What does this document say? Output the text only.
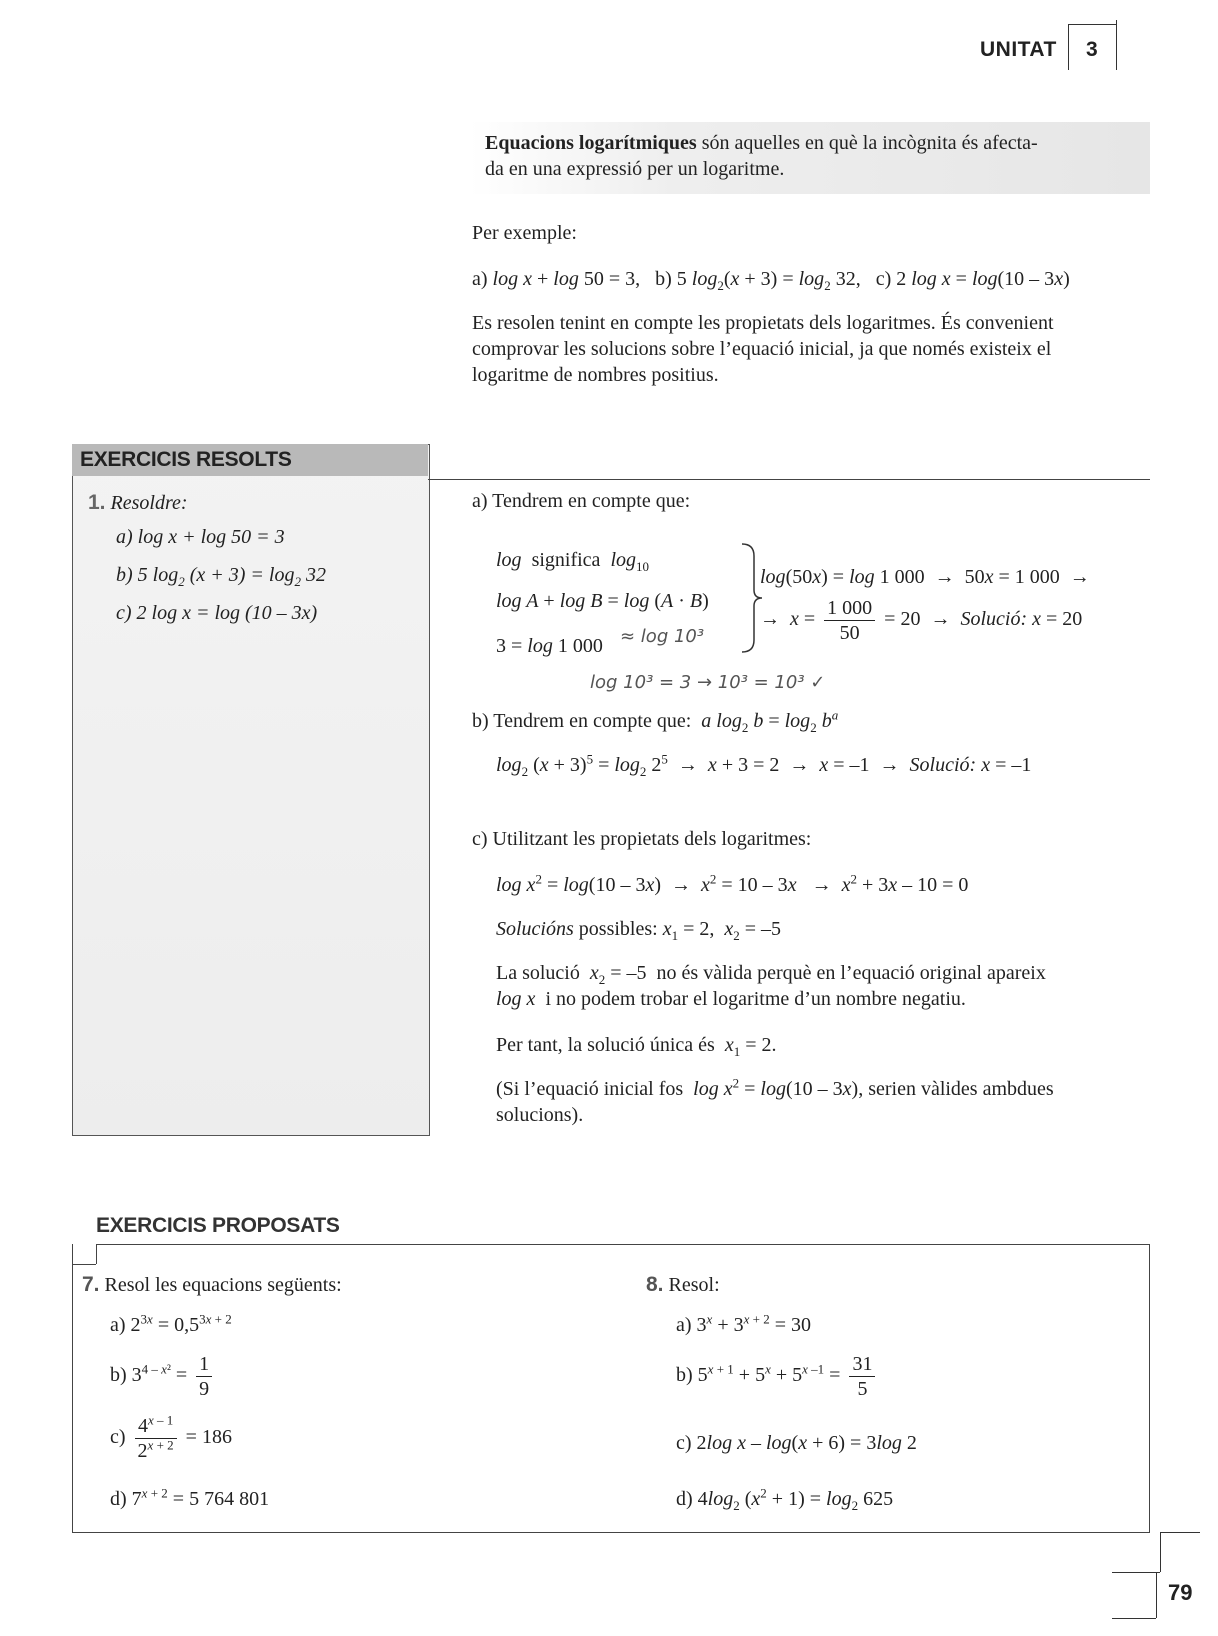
UNITAT 3
Equacions logarítmiques són aquelles en què la incògnita és afecta-
da en una expressió per un logaritme.
Per exemple:
a) log x + log 50 = 3,   b) 5 $\log_2(x + 3) = \log_2 32$,   c) 2 log x = log(10 – 3x)
Es resolen tenint en compte les propietats dels logaritmes. És convenient
comprovar les solucions sobre l’equació inicial, ja que només existeix el
logaritme de nombres positius.
EXERCICIS RESOLTS
1. Resoldre:
a) log x + log 50 = 3
b) 5 $\log_2 (x + 3) = \log_2 32$
c) 2 log x = log (10 – 3x)
a) Tendrem en compte que:
log significa $\log_{10}$
log A + log B = log (A · B)
3 = log 1 000 ≈ log 10³
log 10³ = 3 → 10³ = 10³ ✓
log(50x) = log 1 000  →  50x = 1 000  →
→  $x = \frac{1 000}{50} = 20$  →  Solució: x = 20
b) Tendrem en compte que: a $\log_2 b = \log_2 b^a$
$\log_2 (x + 3)^5 = \log_2 2^5 \to x + 3 = 2 \to x = -1$  →  Solució: x = –1
c) Utilitzant les propietats dels logaritmes:
$\log x^2 = \log(10 - 3x) \to x^2 = 10 - 3x \to x^2 + 3x - 10 = 0$
Solucións possibles: $x_1 = 2$,  $x_2 = -5$
La solució $x_2 = -5$  no és vàlida perquè en l’equació original apareix
log x i no podem trobar el logaritme d’un nombre negatiu.
Per tant, la solució única és $x_1 = 2$.
(Si l’equació inicial fos $\log x^2 = \log(10 - 3x)$, serien vàlides ambdues
solucions).
EXERCICIS PROPOSATS
7. Resol les equacions següents:
a) $2^{3x} = 0,5^{3x + 2}$
b) $3^{4 - x^2} = \frac{1}{9}$
$c) \frac{4^{x - 1}}{2^{x + 2}} = 186$
d) $7^{x + 2} = 5$ 764 801
8. Resol:
a) $3^x + 3^{x + 2} = 30$
b) $5^{x + 1} + 5^x + 5^{x -1} = \frac{31}{5}$
c) 2log x – log(x + 6) = 3log 2
d) $4\log_2$ $(x^2 + 1) = \log_2 625$
79
